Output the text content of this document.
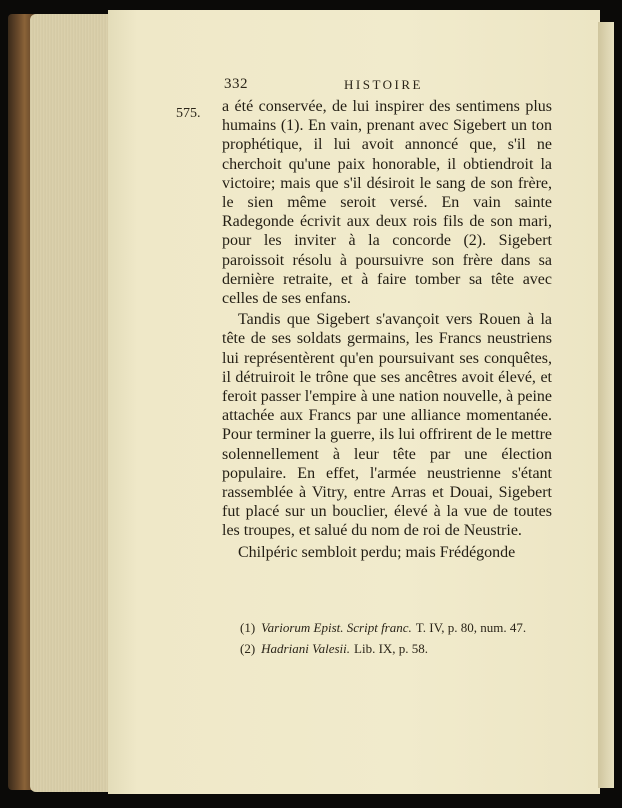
332	HISTOIRE
575. a été conservée, de lui inspirer des sentimens plus humains (1). En vain, prenant avec Sigebert un ton prophétique, il lui avoit annoncé que, s'il ne cherchoit qu'une paix honorable, il obtiendroit la victoire; mais que s'il désiroit le sang de son frère, le sien même seroit versé. En vain sainte Radegonde écrivit aux deux rois fils de son mari, pour les inviter à la concorde (2). Sigebert paroissoit résolu à poursuivre son frère dans sa dernière retraite, et à faire tomber sa tête avec celles de ses enfans.

Tandis que Sigebert s'avançoit vers Rouen à la tête de ses soldats germains, les Francs neustriens lui représentèrent qu'en poursuivant ses conquêtes, il détruiroit le trône que ses ancêtres avoit élevé, et feroit passer l'empire à une nation nouvelle, à peine attachée aux Francs par une alliance momentanée. Pour terminer la guerre, ils lui offrirent de le mettre solennellement à leur tête par une élection populaire. En effet, l'armée neustrienne s'étant rassemblée à Vitry, entre Arras et Douai, Sigebert fut placé sur un bouclier, élevé à la vue de toutes les troupes, et salué du nom de roi de Neustrie.

Chilpéric sembloit perdu; mais Frédégonde

(1) Variorum Epist. Script franc. T. IV, p. 80, num. 47.

(2) Hadriani Valesii. Lib. IX, p. 58.
